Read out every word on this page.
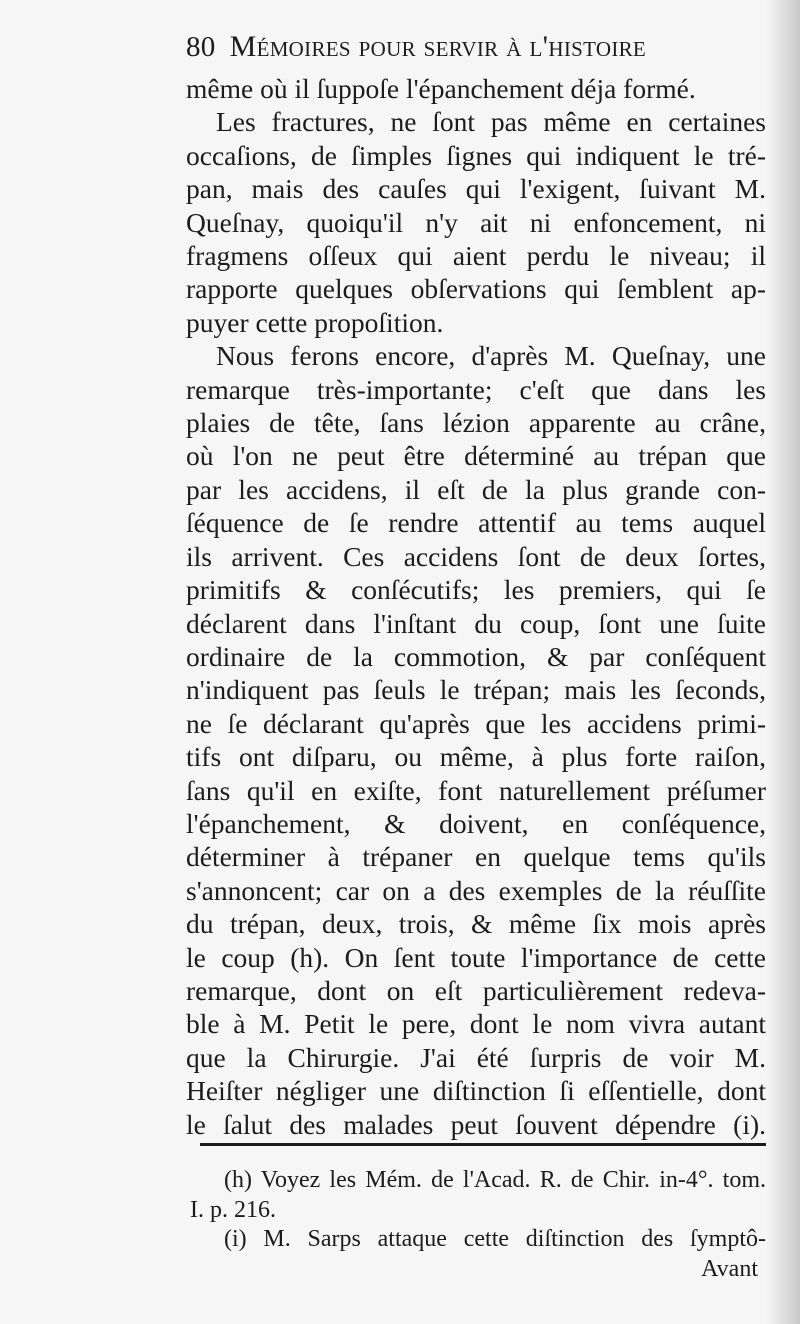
80 Mémoires pour servir à l'histoire
même où il ſuppoſe l'épanchement déja formé.
Les fractures, ne ſont pas même en certaines
occaſions, de ſimples ſignes qui indiquent le tré-
pan, mais des cauſes qui l'exigent, ſuivant M.
Queſnay, quoiqu'il n'y ait ni enfoncement, ni
fragmens oſſeux qui aient perdu le niveau; il
rapporte quelques obſervations qui ſemblent ap-
puyer cette propoſition.
Nous ferons encore, d'après M. Queſnay, une
remarque très-importante; c'eſt que dans les
plaies de tête, ſans lézion apparente au crâne,
où l'on ne peut être déterminé au trépan que
par les accidens, il eſt de la plus grande con-
ſéquence de ſe rendre attentif au tems auquel
ils arrivent. Ces accidens ſont de deux ſortes,
primitifs & conſécutifs; les premiers, qui ſe
déclarent dans l'inſtant du coup, ſont une ſuite
ordinaire de la commotion, & par conſéquent
n'indiquent pas ſeuls le trépan; mais les ſeconds,
ne ſe déclarant qu'après que les accidens primi-
tifs ont diſparu, ou même, à plus forte raiſon,
ſans qu'il en exiſte, font naturellement préſumer
l'épanchement, & doivent, en conſéquence,
déterminer à trépaner en quelque tems qu'ils
s'annoncent; car on a des exemples de la réuſſite
du trépan, deux, trois, & même ſix mois après
le coup (h). On ſent toute l'importance de cette
remarque, dont on eſt particulièrement redeva-
ble à M. Petit le pere, dont le nom vivra autant
que la Chirurgie. J'ai été ſurpris de voir M.
Heiſter négliger une diſtinction ſi eſſentielle, dont
le ſalut des malades peut ſouvent dépendre (i).
(h) Voyez les Mém. de l'Acad. R. de Chir. in-4°. tom.
I. p. 216.
(i) M. Sarps attaque cette diſtinction des ſymptô-
Avant
